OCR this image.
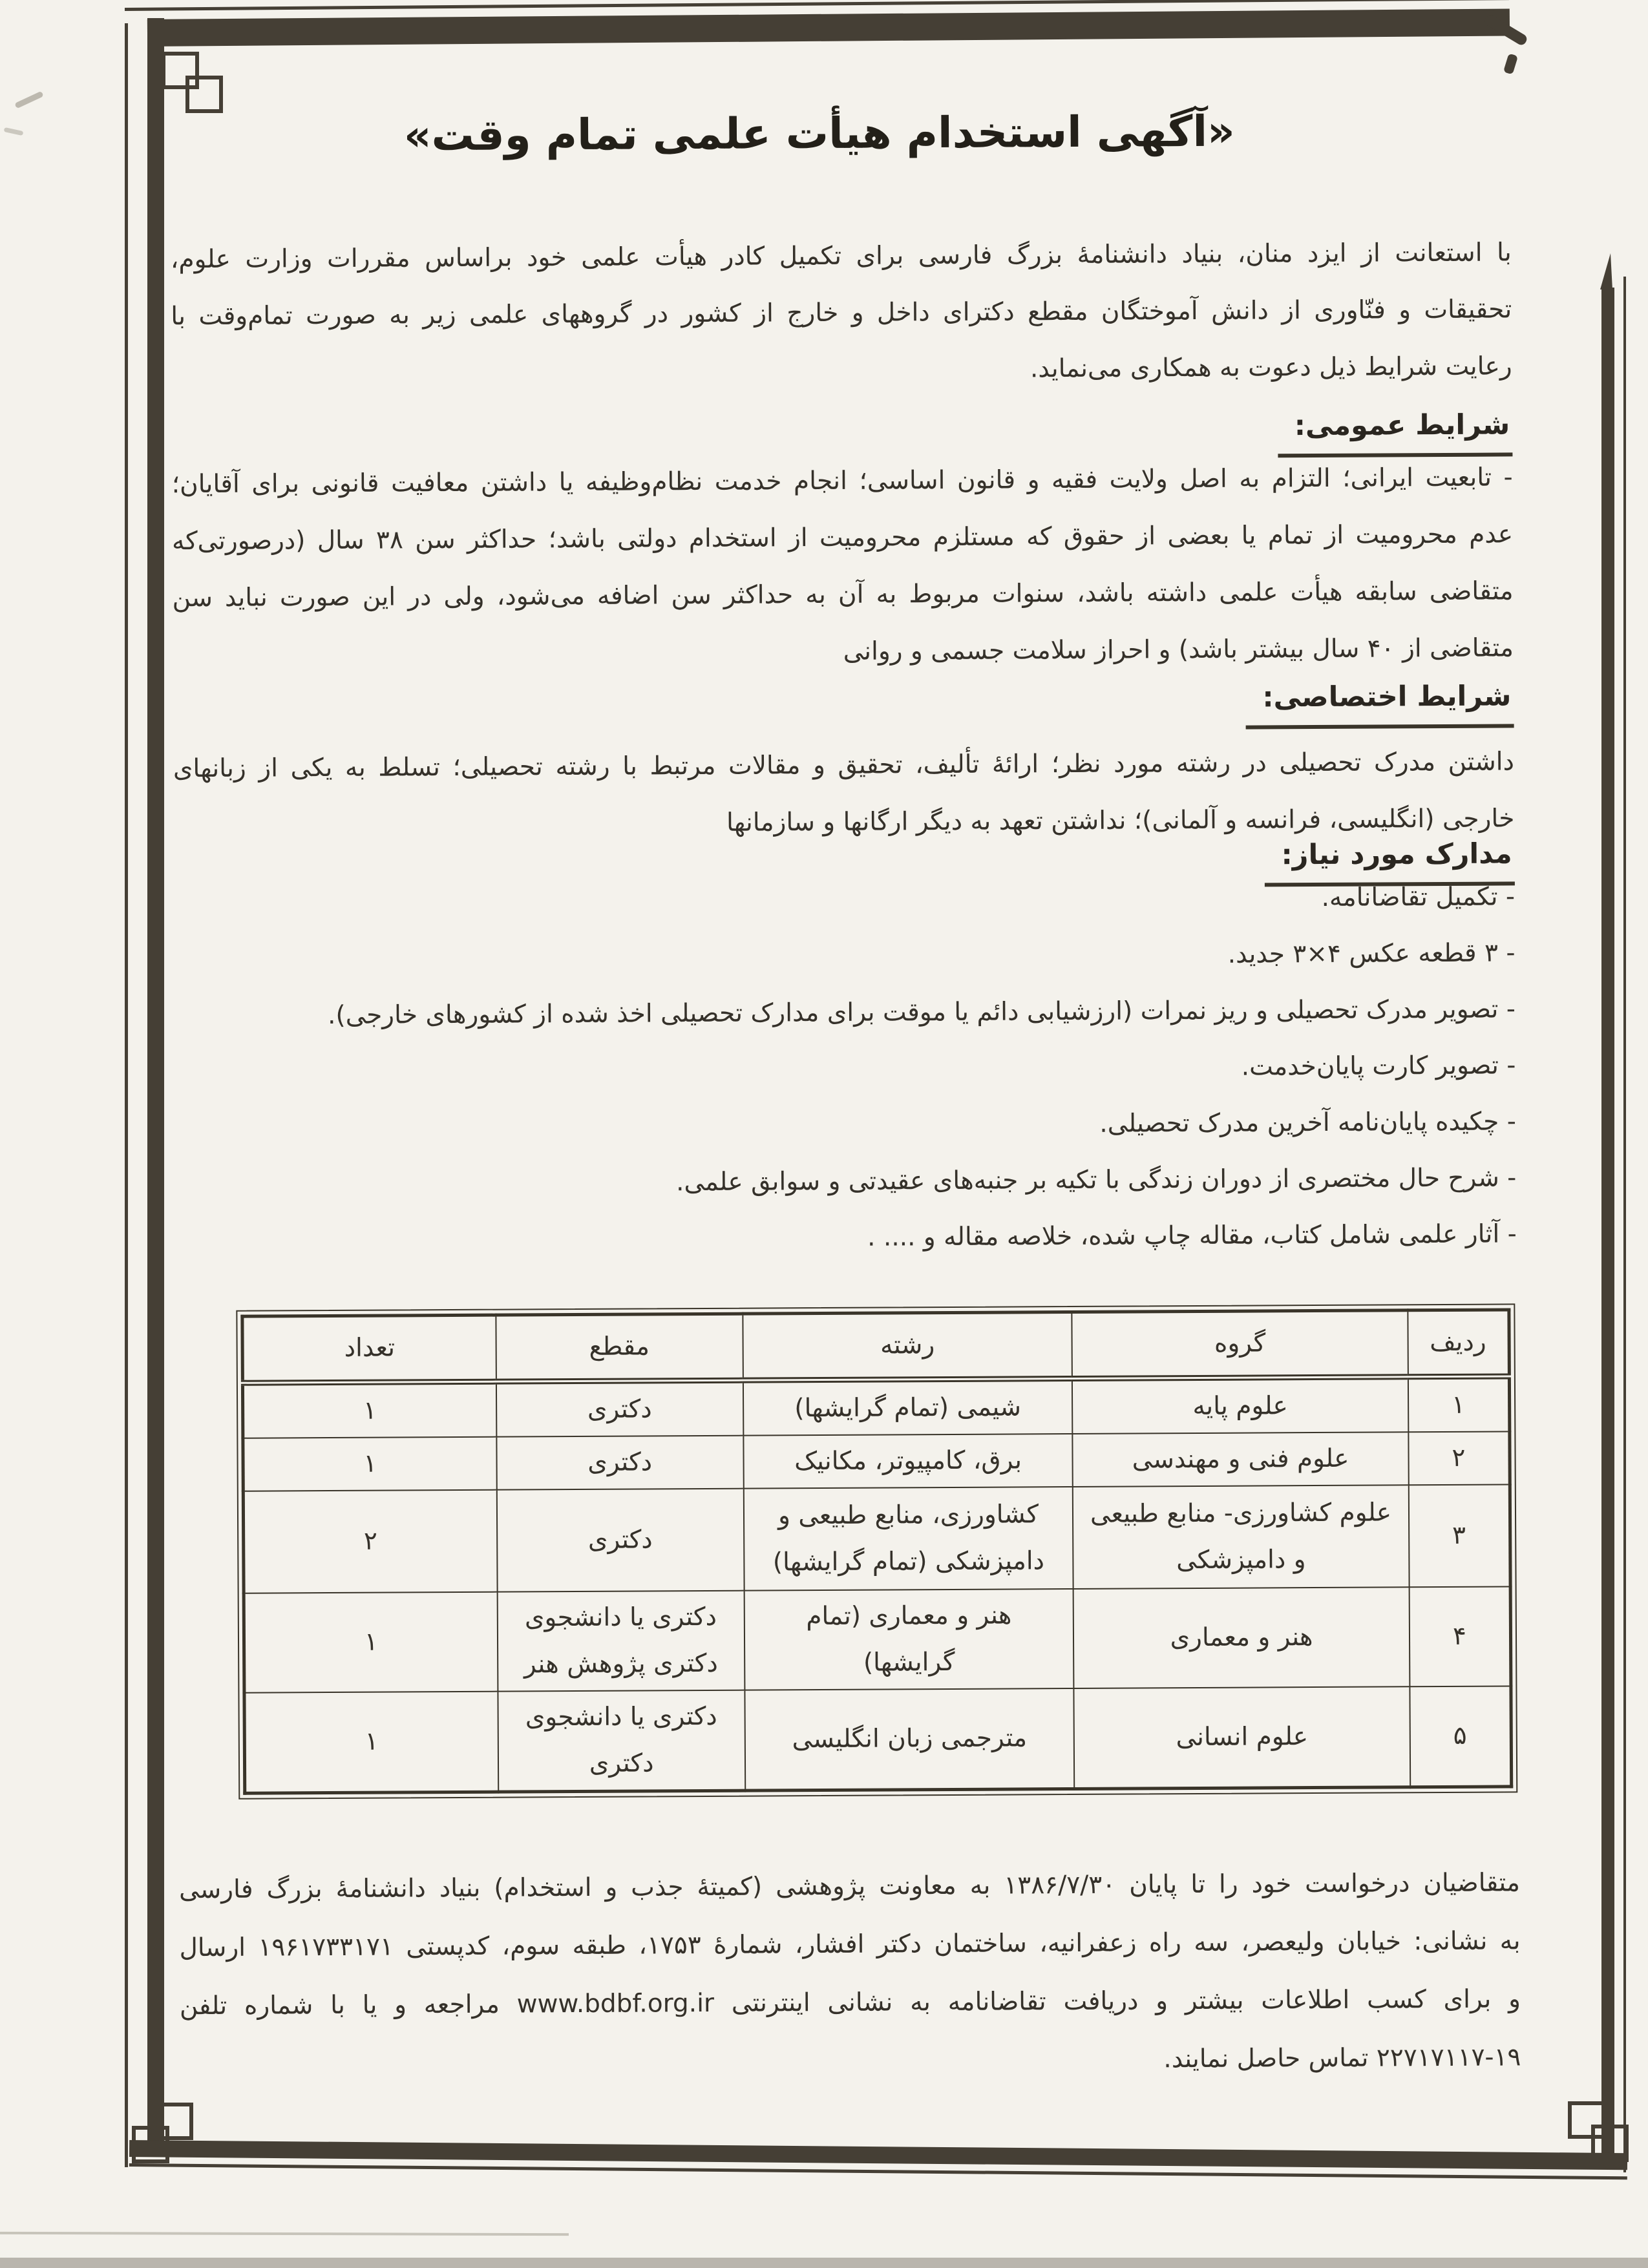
«آگهی استخدام هیأت علمی تمام وقت»
با استعانت از ایزد منان، بنیاد دانشنامهٔ بزرگ فارسی برای تکمیل کادر هیأت علمی خود براساس مقررات وزارت علوم،
تحقیقات و فنّاوری از دانش آموختگان مقطع دکترای داخل و خارج از کشور در گروههای علمی زیر به صورت تمام‌وقت با
رعایت شرایط ذیل دعوت به همکاری می‌نماید.
شرایط عمومی:
- تابعیت ایرانی؛ التزام به اصل ولایت فقیه و قانون اساسی؛ انجام خدمت نظام‌وظیفه یا داشتن معافیت قانونی برای آقایان؛
عدم محرومیت از تمام یا بعضی از حقوق که مستلزم محرومیت از استخدام دولتی باشد؛ حداکثر سن ۳۸ سال (درصورتی‌که
متقاضی سابقه هیأت علمی داشته باشد، سنوات مربوط به آن به حداکثر سن اضافه می‌شود، ولی در این صورت نباید سن
متقاضی از ۴۰ سال بیشتر باشد) و احراز سلامت جسمی و روانی
شرایط اختصاصی:
داشتن مدرک تحصیلی در رشته مورد نظر؛ ارائهٔ تألیف، تحقیق و مقالات مرتبط با رشته تحصیلی؛ تسلط به یکی از زبانهای
خارجی (انگلیسی، فرانسه و آلمانی)؛ نداشتن تعهد به دیگر ارگانها و سازمانها
مدارک مورد نیاز:
- تکمیل تقاضانامه.
- ۳ قطعه عکس ۴×۳ جدید.
- تصویر مدرک تحصیلی و ریز نمرات (ارزشیابی دائم یا موقت برای مدارک تحصیلی اخذ شده از کشورهای خارجی).
- تصویر کارت پایان‌خدمت.
- چکیده پایان‌نامه آخرین مدرک تحصیلی.
- شرح حال مختصری از دوران زندگی با تکیه بر جنبه‌های عقیدتی و سوابق علمی.
- آثار علمی شامل کتاب، مقاله چاپ شده، خلاصه مقاله و .... .
ردیف	گروه	رشته	مقطع	تعداد
۱	علوم پایه	شیمی (تمام گرایشها)	دکتری	۱
۲	علوم فنی و مهندسی	برق، کامپیوتر، مکانیک	دکتری	۱
۳	علوم کشاورزی- منابع طبیعی و دامپزشکی	کشاورزی، منابع طبیعی و دامپزشکی (تمام گرایشها)	دکتری	۲
۴	هنر و معماری	هنر و معماری (تمام گرایشها)	دکتری یا دانشجوی دکتری پژوهش هنر	۱
۵	علوم انسانی	مترجمی زبان انگلیسی	دکتری یا دانشجوی دکتری	۱
متقاضیان درخواست خود را تا پایان ۱۳۸۶/۷/۳۰ به معاونت پژوهشی (کمیتهٔ جذب و استخدام) بنیاد دانشنامهٔ بزرگ فارسی
به نشانی: خیابان ولیعصر، سه راه زعفرانیه، ساختمان دکتر افشار، شمارهٔ ۱۷۵۳، طبقه سوم، کدپستی ۱۹۶۱۷۳۳۱۷۱ ارسال
و برای کسب اطلاعات بیشتر و دریافت تقاضانامه به نشانی اینترنتی www.bdbf.org.ir مراجعه و یا با شماره تلفن
۲۲۷۱۷۱۱۷-۱۹ تماس حاصل نمایند.
